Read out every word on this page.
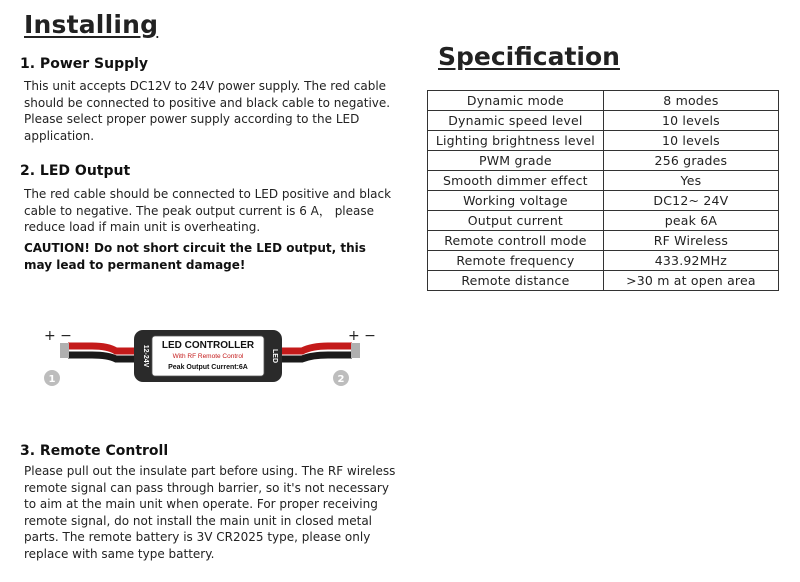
Installing
Specification
1. Power Supply
This unit accepts DC12V to 24V power supply. The red cable should be connected to positive and black cable to negative. Please select proper power supply according to the LED application.
2. LED Output
The red cable should be connected to LED positive and black cable to negative. The peak output current is 6 A， please reduce load if main unit is overheating.
CAUTION! Do not short circuit the LED output, this may lead to permanent damage!
Dynamic mode	8 modes
Dynamic speed level	10 levels
Lighting brightness level	10 levels
PWM grade	256 grades
Smooth dimmer effect	Yes
Working voltage	DC12~ 24V
Output current	peak 6A
Remote controll mode	RF Wireless
Remote frequency	433.92MHz
Remote distance	>30 m at open area
12-24V	LED
LED CONTROLLER
With RF Remote Control
Peak Output Current:6A
+ −	+ −
1	2
3. Remote Controll
Please pull out the insulate part before using. The RF wireless remote signal can pass through barrier, so it's not necessary to aim at the main unit when operate. For proper receiving remote signal, do not install the main unit in closed metal parts. The remote battery is 3V CR2025 type, please only replace with same type battery.
